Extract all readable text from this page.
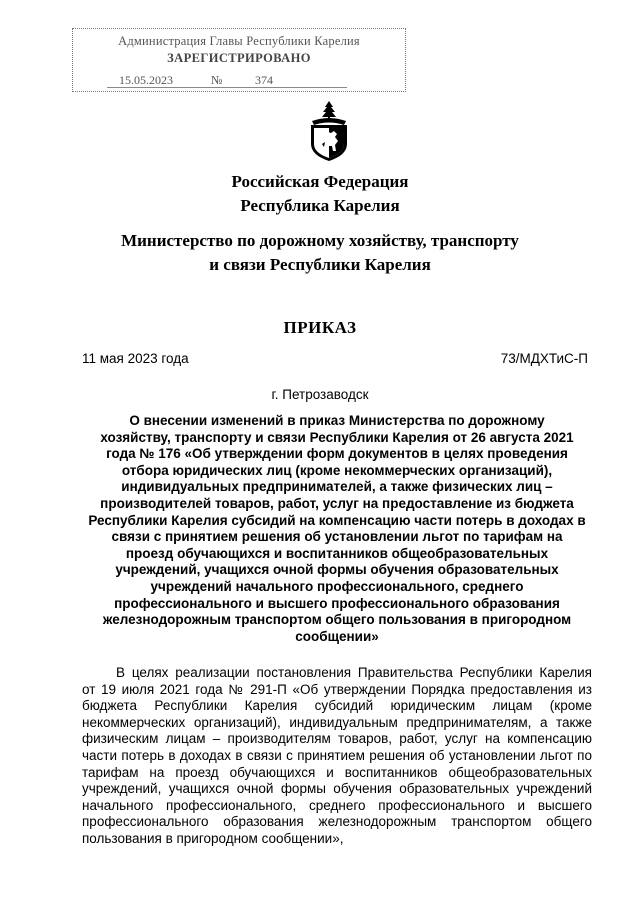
Администрация Главы Республики Карелия
ЗАРЕГИСТРИРОВАНО
15.05.2023	№	374
Российская Федерация
Республика Карелия
Министерство по дорожному хозяйству, транспорту
и связи Республики Карелия
ПРИКАЗ
11 мая 2023 года	73/МДХТиС-П
г. Петрозаводск
О внесении изменений в приказ Министерства по дорожному
хозяйству, транспорту и связи Республики Карелия от 26 августа 2021
года № 176 «Об утверждении форм документов в целях проведения
отбора юридических лиц (кроме некоммерческих организаций),
индивидуальных предпринимателей, а также физических лиц –
производителей товаров, работ, услуг на предоставление из бюджета
Республики Карелия субсидий на компенсацию части потерь в доходах в
связи с принятием решения об установлении льгот по тарифам на
проезд обучающихся и воспитанников общеобразовательных
учреждений, учащихся очной формы обучения образовательных
учреждений начального профессионального, среднего
профессионального и высшего профессионального образования
железнодорожным транспортом общего пользования в пригородном
сообщении»
В целях реализации постановления Правительства Республики Карелия
от 19 июля 2021 года № 291-П «Об утверждении Порядка предоставления из
бюджета Республики Карелия субсидий юридическим лицам (кроме
некоммерческих организаций), индивидуальным предпринимателям, а также
физическим лицам – производителям товаров, работ, услуг на компенсацию
части потерь в доходах в связи с принятием решения об установлении льгот по
тарифам на проезд обучающихся и воспитанников общеобразовательных
учреждений, учащихся очной формы обучения образовательных учреждений
начального профессионального, среднего профессионального и высшего
профессионального образования железнодорожным транспортом общего
пользования в пригородном сообщении»,
